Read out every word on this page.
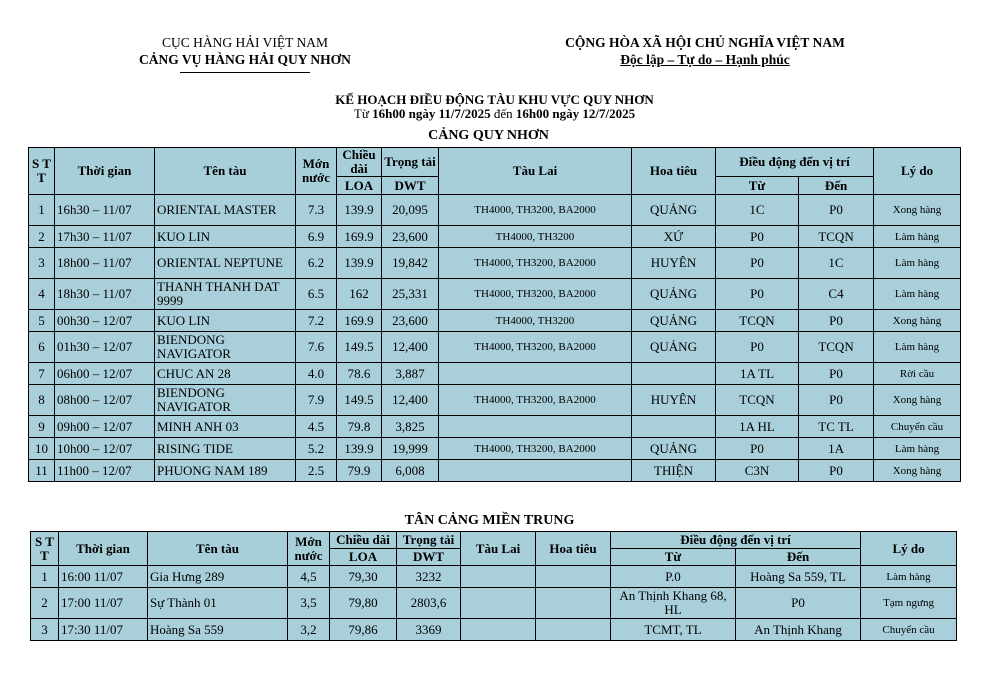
CỤC HÀNG HẢI VIỆT NAM
CẢNG VỤ HÀNG HẢI QUY NHƠN
CỘNG HÒA XÃ HỘI CHỦ NGHĨA VIỆT NAM
Độc lập – Tự do – Hạnh phúc
KẾ HOẠCH ĐIỀU ĐỘNG TÀU KHU VỰC QUY NHƠN
Từ 16h00 ngày 11/7/2025 đến 16h00 ngày 12/7/2025
CẢNG QUY NHƠN
S T T	Thời gian	Tên tàu	Mớn nước	Chiều dài	Trọng tải	Tàu Lai	Hoa tiêu	Điều động đến vị trí		Lý do
				LOA	DWT			Từ	Đến	
1	16h30 – 11/07	ORIENTAL MASTER	7.3	139.9	20,095	TH4000, TH3200, BA2000	QUẢNG	1C	P0	Xong hàng
2	17h30 – 11/07	KUO LIN	6.9	169.9	23,600	TH4000, TH3200	XỨ	P0	TCQN	Làm hàng
3	18h00 – 11/07	ORIENTAL NEPTUNE	6.2	139.9	19,842	TH4000, TH3200, BA2000	HUYÊN	P0	1C	Làm hàng
4	18h30 – 11/07	THANH THANH DAT 9999	6.5	162	25,331	TH4000, TH3200, BA2000	QUẢNG	P0	C4	Làm hàng
5	00h30 – 12/07	KUO LIN	7.2	169.9	23,600	TH4000, TH3200	QUẢNG	TCQN	P0	Xong hàng
6	01h30 – 12/07	BIENDONG NAVIGATOR	7.6	149.5	12,400	TH4000, TH3200, BA2000	QUẢNG	P0	TCQN	Làm hàng
7	06h00 – 12/07	CHUC AN 28	4.0	78.6	3,887			1A TL	P0	Rời cầu
8	08h00 – 12/07	BIENDONG NAVIGATOR	7.9	149.5	12,400	TH4000, TH3200, BA2000	HUYÊN	TCQN	P0	Xong hàng
9	09h00 – 12/07	MINH ANH 03	4.5	79.8	3,825			1A HL	TC TL	Chuyển cầu
10	10h00 – 12/07	RISING TIDE	5.2	139.9	19,999	TH4000, TH3200, BA2000	QUẢNG	P0	1A	Làm hàng
11	11h00 – 12/07	PHUONG NAM 189	2.5	79.9	6,008		THIỆN	C3N	P0	Xong hàng
TÂN CẢNG MIỀN TRUNG
S T T	Thời gian	Tên tàu	Mớn nước	Chiều dài	Trọng tải	Tàu Lai	Hoa tiêu	Điều động đến vị trí		Lý do
				LOA	DWT			Từ	Đến	
1	16:00 11/07	Gia Hưng 289	4,5	79,30	3232			P.0	Hoàng Sa 559, TL	Làm hàng
2	17:00 11/07	Sự Thành 01	3,5	79,80	2803,6			An Thịnh Khang 68, HL	P0	Tạm ngưng
3	17:30 11/07	Hoàng Sa 559	3,2	79,86	3369			TCMT, TL	An Thịnh Khang	Chuyển cầu
